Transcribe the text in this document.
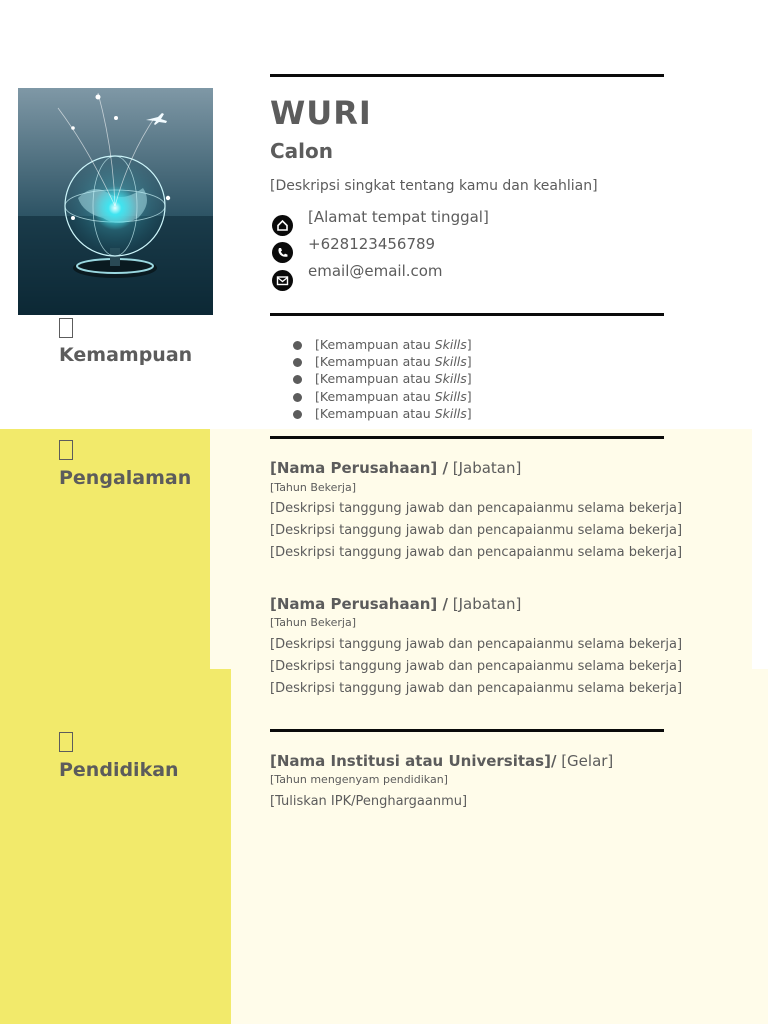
WURI
Calon
[Deskripsi singkat tentang kamu dan keahlian]
[Alamat tempat tinggal]
+628123456789
email@email.com
Kemampuan	[Kemampuan atau Skills]
[Kemampuan atau Skills]
[Kemampuan atau Skills]
[Kemampuan atau Skills]
[Kemampuan atau Skills]
Pengalaman	[Nama Perusahaan] / [Jabatan]
[Tahun Bekerja]
[Deskripsi tanggung jawab dan pencapaianmu selama bekerja]
[Deskripsi tanggung jawab dan pencapaianmu selama bekerja]
[Deskripsi tanggung jawab dan pencapaianmu selama bekerja]
[Nama Perusahaan] / [Jabatan]
[Tahun Bekerja]
[Deskripsi tanggung jawab dan pencapaianmu selama bekerja]
[Deskripsi tanggung jawab dan pencapaianmu selama bekerja]
[Deskripsi tanggung jawab dan pencapaianmu selama bekerja]
Pendidikan	[Nama Institusi atau Universitas]/ [Gelar]
[Tahun mengenyam pendidikan]
[Tuliskan IPK/Penghargaanmu]
